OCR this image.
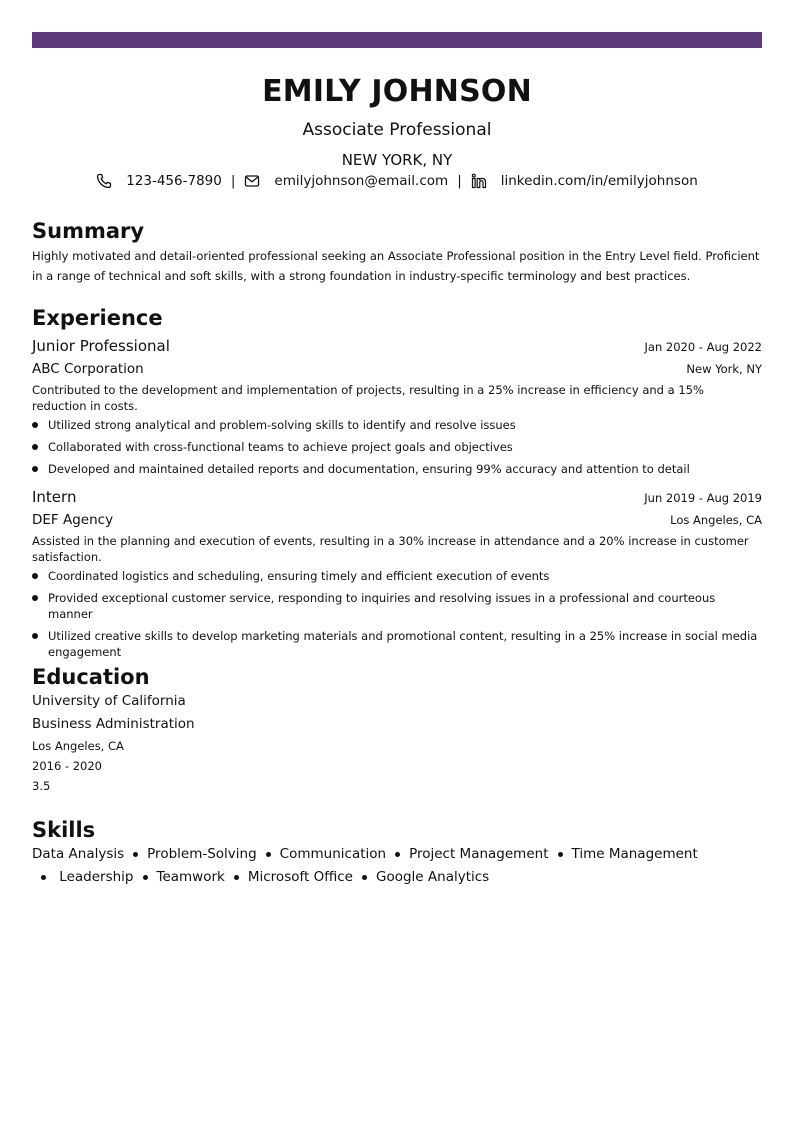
EMILY JOHNSON
Associate Professional
NEW YORK, NY
123-456-7890 |	emilyjohnson@email.com |	linkedin.com/in/emilyjohnson
Summary
Highly motivated and detail-oriented professional seeking an Associate Professional position in the Entry Level field. Proficient in a range of technical and soft skills, with a strong foundation in industry-specific terminology and best practices.
Experience
Junior Professional	Jan 2020 - Aug 2022
ABC Corporation	New York, NY
Contributed to the development and implementation of projects, resulting in a 25% increase in efficiency and a 15% reduction in costs.
Utilized strong analytical and problem-solving skills to identify and resolve issues
Collaborated with cross-functional teams to achieve project goals and objectives
Developed and maintained detailed reports and documentation, ensuring 99% accuracy and attention to detail
Intern	Jun 2019 - Aug 2019
DEF Agency	Los Angeles, CA
Assisted in the planning and execution of events, resulting in a 30% increase in attendance and a 20% increase in customer satisfaction.
Coordinated logistics and scheduling, ensuring timely and efficient execution of events
Provided exceptional customer service, responding to inquiries and resolving issues in a professional and courteous manner
Utilized creative skills to develop marketing materials and promotional content, resulting in a 25% increase in social media engagement
Education
University of California
Business Administration
Los Angeles, CA
2016 - 2020
3.5
Skills
Data Analysis Problem-Solving Communication Project Management Time Management Leadership Teamwork Microsoft Office Google Analytics
